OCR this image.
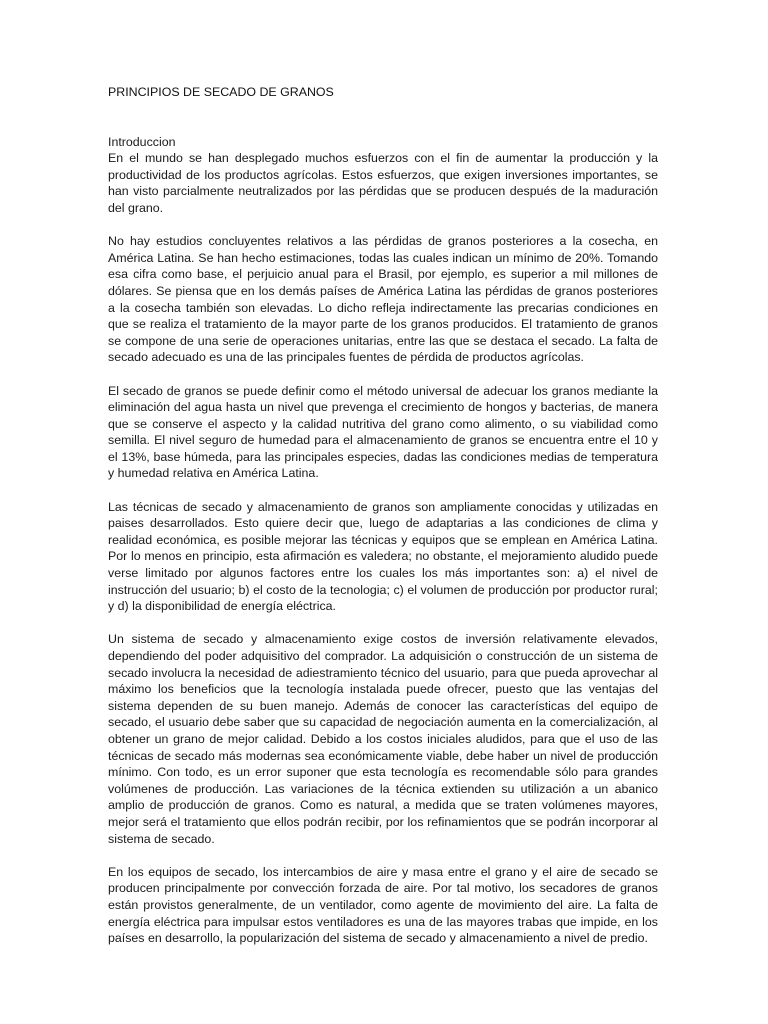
PRINCIPIOS DE SECADO DE GRANOS

Introduccion

En el mundo se han desplegado muchos esfuerzos con el fin de aumentar la producción y la productividad de los productos agrícolas. Estos esfuerzos, que exigen inversiones importantes, se han visto parcialmente neutralizados por las pérdidas que se producen después de la maduración del grano.

No hay estudios concluyentes relativos a las pérdidas de granos posteriores a la cosecha, en América Latina. Se han hecho estimaciones, todas las cuales indican un mínimo de 20%. Tomando esa cifra como base, el perjuicio anual para el Brasil, por ejemplo, es superior a mil millones de dólares. Se piensa que en los demás países de América Latina las pérdidas de granos posteriores a la cosecha también son elevadas. Lo dicho refleja indirectamente las precarias condiciones en que se realiza el tratamiento de la mayor parte de los granos producidos. El tratamiento de granos se compone de una serie de operaciones unitarias, entre las que se destaca el secado. La falta de secado adecuado es una de las principales fuentes de pérdida de productos agrícolas.

El secado de granos se puede definir como el método universal de adecuar los granos mediante la eliminación del agua hasta un nivel que prevenga el crecimiento de hongos y bacterias, de manera que se conserve el aspecto y la calidad nutritiva del grano como alimento, o su viabilidad como semilla. El nivel seguro de humedad para el almacenamiento de granos se encuentra entre el 10 y el 13%, base húmeda, para las principales especies, dadas las condiciones medias de temperatura y humedad relativa en América Latina.

Las técnicas de secado y almacenamiento de granos son ampliamente conocidas y utilizadas en paises desarrollados. Esto quiere decir que, luego de adaptarias a las condiciones de clima y realidad económica, es posible mejorar las técnicas y equipos que se emplean en América Latina. Por lo menos en principio, esta afirmación es valedera; no obstante, el mejoramiento aludido puede verse limitado por algunos factores entre los cuales los más importantes son: a) el nivel de instrucción del usuario; b) el costo de la tecnologia; c) el volumen de producción por productor rural; y d) la disponibilidad de energía eléctrica.

Un sistema de secado y almacenamiento exige costos de inversión relativamente elevados, dependiendo del poder adquisitivo del comprador. La adquisición o construcción de un sistema de secado involucra la necesidad de adiestramiento técnico del usuario, para que pueda aprovechar al máximo los beneficios que la tecnología instalada puede ofrecer, puesto que las ventajas del sistema dependen de su buen manejo. Además de conocer las características del equipo de secado, el usuario debe saber que su capacidad de negociación aumenta en la comercialización, al obtener un grano de mejor calidad. Debido a los costos iniciales aludidos, para que el uso de las técnicas de secado más modernas sea económicamente viable, debe haber un nivel de producción mínimo. Con todo, es un error suponer que esta tecnología es recomendable sólo para grandes volúmenes de producción. Las variaciones de la técnica extienden su utilización a un abanico amplio de producción de granos. Como es natural, a medida que se traten volúmenes mayores, mejor será el tratamiento que ellos podrán recibir, por los refinamientos que se podrán incorporar al sistema de secado.

En los equipos de secado, los intercambios de aire y masa entre el grano y el aire de secado se producen principalmente por convección forzada de aire. Por tal motivo, los secadores de granos están provistos generalmente, de un ventilador, como agente de movimiento del aire. La falta de energía eléctrica para impulsar estos ventiladores es una de las mayores trabas que impide, en los países en desarrollo, la popularización del sistema de secado y almacenamiento a nivel de predio.
